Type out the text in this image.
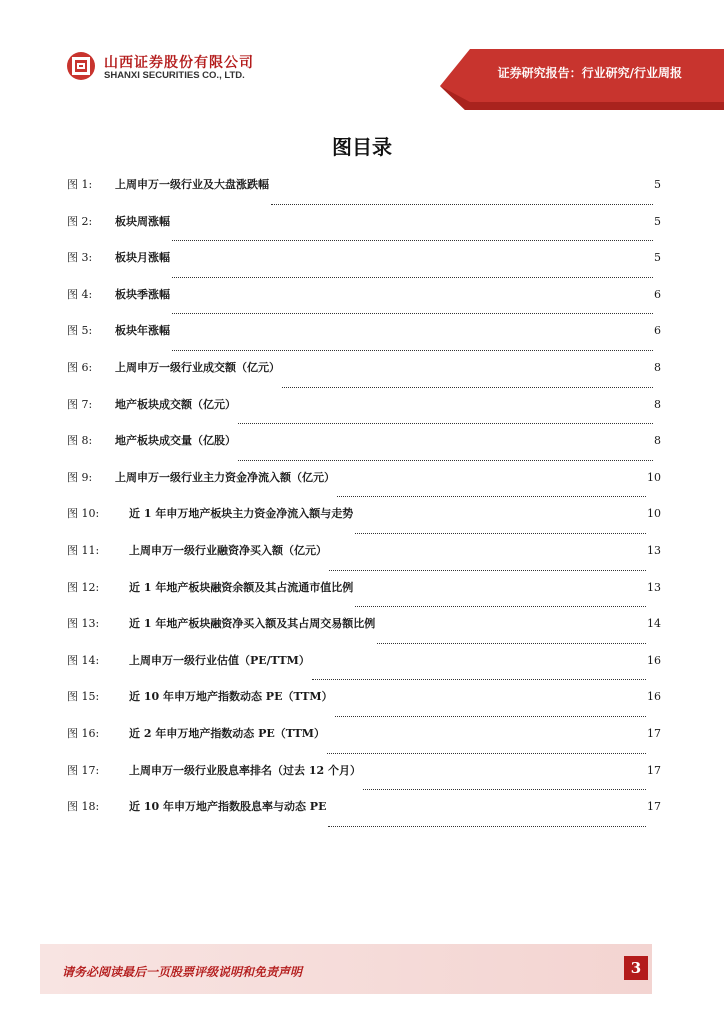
山西证券股份有限公司
SHANXI SECURITIES CO., LTD.	证券研究报告：行业研究/行业周报
图目录
图 1:	上周申万一级行业及大盘涨跌幅	5
图 2:	板块周涨幅	5
图 3:	板块月涨幅	5
图 4:	板块季涨幅	6
图 5:	板块年涨幅	6
图 6:	上周申万一级行业成交额（亿元）	8
图 7:	地产板块成交额（亿元）	8
图 8:	地产板块成交量（亿股）	8
图 9:	上周申万一级行业主力资金净流入额（亿元）	10
图 10:	近 1 年申万地产板块主力资金净流入额与走势	10
图 11:	上周申万一级行业融资净买入额（亿元）	13
图 12:	近 1 年地产板块融资余额及其占流通市值比例	13
图 13:	近 1 年地产板块融资净买入额及其占周交易额比例	14
图 14:	上周申万一级行业估值（PE/TTM）	16
图 15:	近 10 年申万地产指数动态 PE（TTM）	16
图 16:	近 2 年申万地产指数动态 PE（TTM）	17
图 17:	上周申万一级行业股息率排名（过去 12 个月）	17
图 18:	近 10 年申万地产指数股息率与动态 PE	17
请务必阅读最后一页股票评级说明和免责声明	3
